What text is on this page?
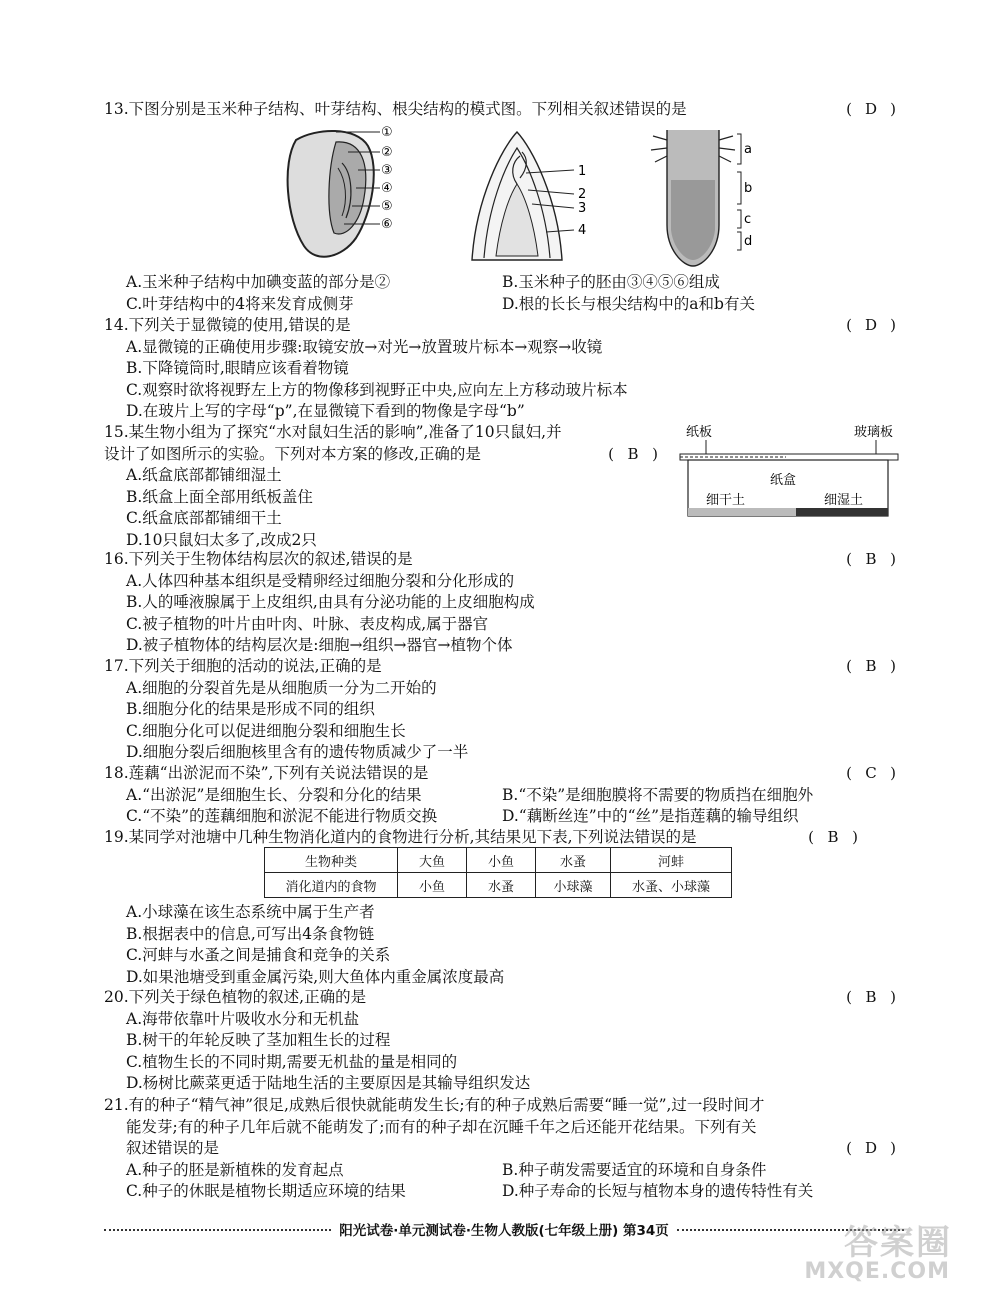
13.下图分别是玉米种子结构、叶芽结构、根尖结构的模式图。下列相关叙述错误的是	( D )
①
②
③
④
⑤
⑥
1
2
3
4
a
b
c
d
A.玉米种子结构中加碘变蓝的部分是②	B.玉米种子的胚由③④⑤⑥组成
C.叶芽结构中的4将来发育成侧芽	D.根的长长与根尖结构中的a和b有关
14.下列关于显微镜的使用,错误的是	( D )
A.显微镜的正确使用步骤:取镜安放→对光→放置玻片标本→观察→收镜
B.下降镜筒时,眼睛应该看着物镜
C.观察时欲将视野左上方的物像移到视野正中央,应向左上方移动玻片标本
D.在玻片上写的字母“p”,在显微镜下看到的物像是字母“b”
15.某生物小组为了探究“水对鼠妇生活的影响”,准备了10只鼠妇,并
设计了如图所示的实验。下列对本方案的修改,正确的是	( B )
A.纸盒底部都铺细湿土
B.纸盒上面全部用纸板盖住
C.纸盒底部都铺细干土
D.10只鼠妇太多了,改成2只
纸板	玻璃板
纸盒
细干土	细湿土
16.下列关于生物体结构层次的叙述,错误的是	( B )
A.人体四种基本组织是受精卵经过细胞分裂和分化形成的
B.人的唾液腺属于上皮组织,由具有分泌功能的上皮细胞构成
C.被子植物的叶片由叶肉、叶脉、表皮构成,属于器官
D.被子植物体的结构层次是:细胞→组织→器官→植物个体
17.下列关于细胞的活动的说法,正确的是	( B )
A.细胞的分裂首先是从细胞质一分为二开始的
B.细胞分化的结果是形成不同的组织
C.细胞分化可以促进细胞分裂和细胞生长
D.细胞分裂后细胞核里含有的遗传物质减少了一半
18.莲藕“出淤泥而不染”,下列有关说法错误的是	( C )
A.“出淤泥”是细胞生长、分裂和分化的结果	B.“不染”是细胞膜将不需要的物质挡在细胞外
C.“不染”的莲藕细胞和淤泥不能进行物质交换	D.“藕断丝连”中的“丝”是指莲藕的输导组织
19.某同学对池塘中几种生物消化道内的食物进行分析,其结果见下表,下列说法错误的是	( B )
生物种类	大鱼	小鱼	水蚤	河蚌
消化道内的食物	小鱼	水蚤	小球藻	水蚤、小球藻
A.小球藻在该生态系统中属于生产者
B.根据表中的信息,可写出4条食物链
C.河蚌与水蚤之间是捕食和竞争的关系
D.如果池塘受到重金属污染,则大鱼体内重金属浓度最高
20.下列关于绿色植物的叙述,正确的是	( B )
A.海带依靠叶片吸收水分和无机盐
B.树干的年轮反映了茎加粗生长的过程
C.植物生长的不同时期,需要无机盐的量是相同的
D.杨树比蕨菜更适于陆地生活的主要原因是其输导组织发达
21.有的种子“精气神”很足,成熟后很快就能萌发生长;有的种子成熟后需要“睡一觉”,过一段时间才
能发芽;有的种子几年后就不能萌发了;而有的种子却在沉睡千年之后还能开花结果。下列有关
叙述错误的是	( D )
A.种子的胚是新植株的发育起点	B.种子萌发需要适宜的环境和自身条件
C.种子的休眠是植物长期适应环境的结果	D.种子寿命的长短与植物本身的遗传特性有关
阳光试卷·单元测试卷·生物人教版(七年级上册) 第34页	答案圈
MXQE.COM
